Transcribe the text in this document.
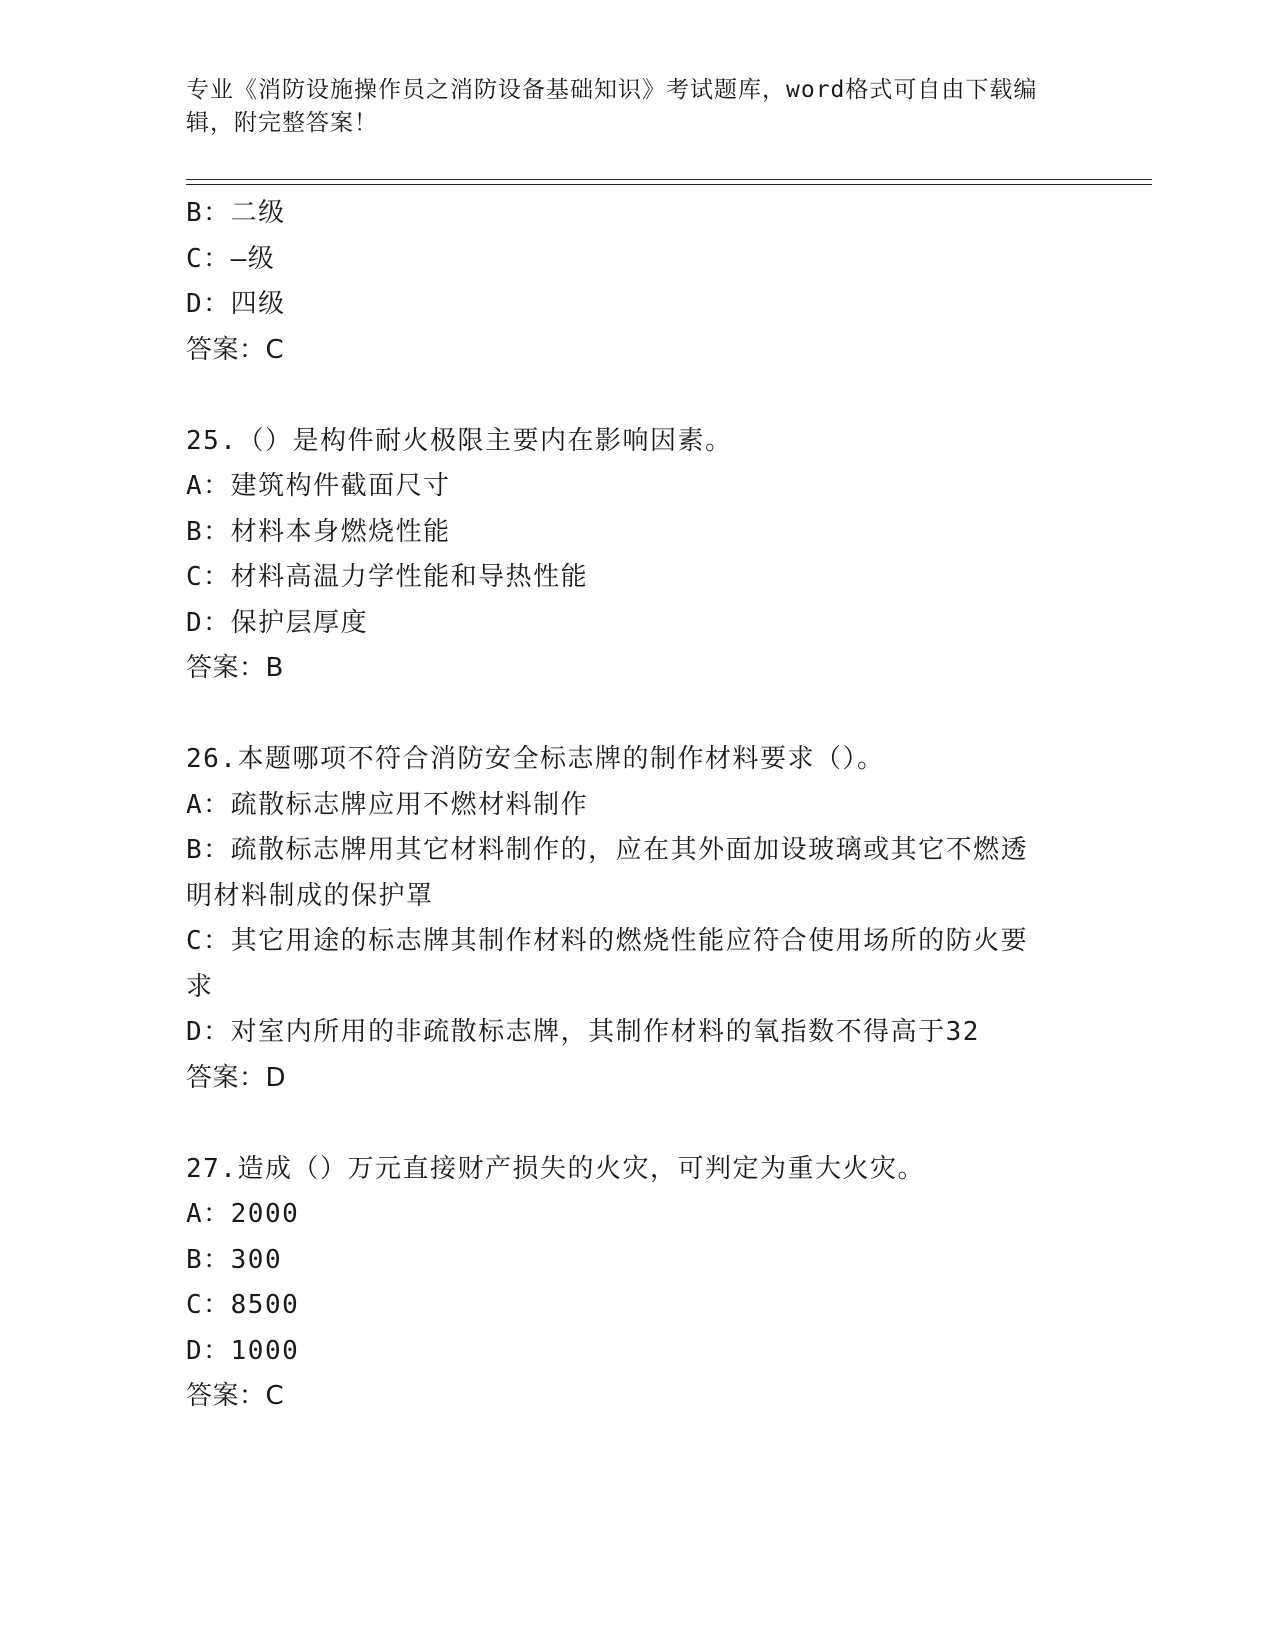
专业《消防设施操作员之消防设备基础知识》考试题库，word格式可自由下载编
辑，附完整答案！
B：二级
C：—级
D：四级
答案：C
25.（）是构件耐火极限主要内在影响因素。
A：建筑构件截面尺寸
B：材料本身燃烧性能
C：材料高温力学性能和导热性能
D：保护层厚度
答案：B
26.本题哪项不符合消防安全标志牌的制作材料要求（）。
A：疏散标志牌应用不燃材料制作
B：疏散标志牌用其它材料制作的，应在其外面加设玻璃或其它不燃透
明材料制成的保护罩
C：其它用途的标志牌其制作材料的燃烧性能应符合使用场所的防火要
求
D：对室内所用的非疏散标志牌，其制作材料的氧指数不得高于32
答案：D
27.造成（）万元直接财产损失的火灾，可判定为重大火灾。
A：2000
B：300
C：8500
D：1000
答案：C
